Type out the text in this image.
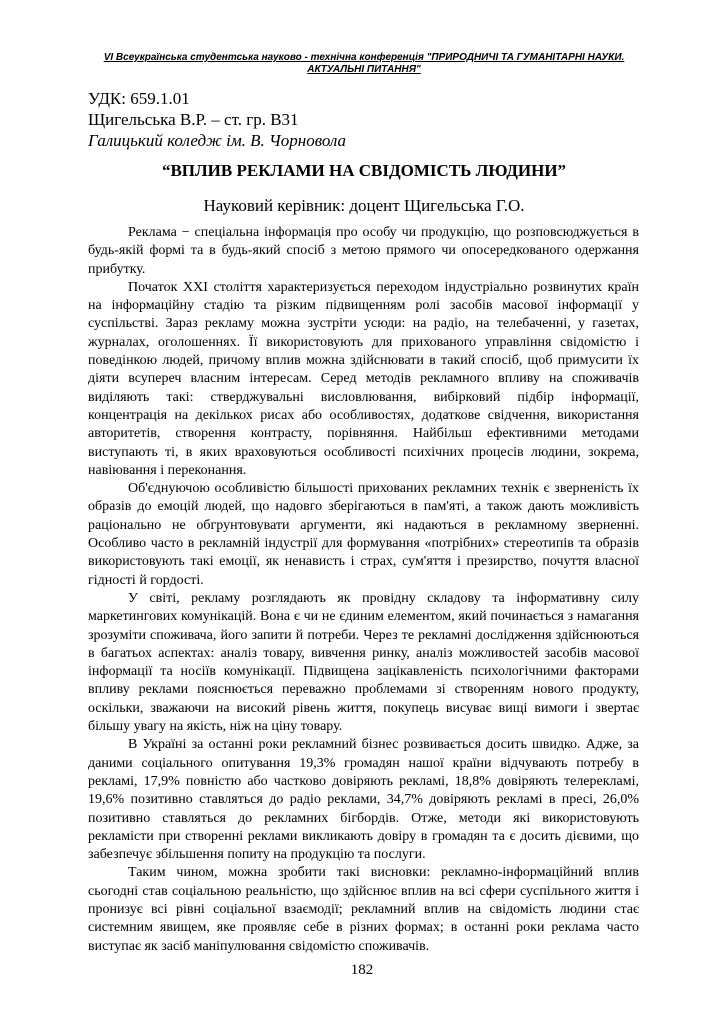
VI Всеукраїнська студентська науково - технічна конференція "ПРИРОДНИЧІ ТА ГУМАНІТАРНІ НАУКИ.
АКТУАЛЬНІ ПИТАННЯ"
УДК: 659.1.01
Щигельська В.Р. – ст. гр. В31
Галицький коледж ім. В. Чорновола
“ВПЛИВ РЕКЛАМИ НА СВІДОМІСТЬ ЛЮДИНИ”
Науковий керівник: доцент Щигельська Г.О.

Реклама − спеціальна інформація про особу чи продукцію, що розповсюджується в будь-якій формі та в будь-який спосіб з метою прямого чи опосередкованого одержання прибутку.

Початок XXI століття характеризується переходом індустріально розвинутих країн на інформаційну стадію та різким підвищенням ролі засобів масової інформації у суспільстві. Зараз рекламу можна зустріти усюди: на радіо, на телебаченні, у газетах, журналах, оголошеннях. Її використовують для прихованого управління свідомістю і поведінкою людей, причому вплив можна здійснювати в такий спосіб, щоб примусити їх діяти всупереч власним інтересам. Серед методів рекламного впливу на споживачів виділяють такі: стверджувальні висловлювання, вибірковий підбір інформації, концентрація на декількох рисах або особливостях, додаткове свідчення, використання авторитетів, створення контрасту, порівняння. Найбільш ефективними методами виступають ті, в яких враховуються особливості психічних процесів людини, зокрема, навіювання і переконання.

Об'єднуючою особливістю більшості прихованих рекламних технік є зверненість їх образів до емоцій людей, що надовго зберігаються в пам'яті, а також дають можливість раціонально не обгрунтовувати аргументи, які надаються в рекламному зверненні. Особливо часто в рекламній індустрії для формування «потрібних» стереотипів та образів використовують такі емоції, як ненависть і страх, сум'яття і презирство, почуття власної гідності й гордості.

У світі, рекламу розглядають як провідну складову та інформативну силу маркетингових комунікацій. Вона є чи не єдиним елементом, який починається з намагання зрозуміти споживача, його запити й потреби. Через те рекламні дослідження здійснюються в багатьох аспектах: аналіз товару, вивчення ринку, аналіз можливостей засобів масової інформації та носіїв комунікації. Підвищена зацікавленість психологічними факторами впливу реклами пояснюється переважно проблемами зі створенням нового продукту, оскільки, зважаючи на високий рівень життя, покупець висуває вищі вимоги і звертає більшу увагу на якість, ніж на ціну товару.

В Україні за останні роки рекламний бізнес розвивається досить швидко. Адже, за даними соціального опитування 19,3% громадян нашої країни відчувають потребу в рекламі, 17,9% повністю або частково довіряють рекламі, 18,8% довіряють телерекламі, 19,6% позитивно ставляться до радіо реклами, 34,7% довіряють рекламі в пресі, 26,0% позитивно ставляться до рекламних бігбордів. Отже, методи які використовують рекламісти при створенні реклами викликають довіру в громадян та є досить дієвими, що забезпечує збільшення попиту на продукцію та послуги.

Таким чином, можна зробити такі висновки: рекламно-інформаційний вплив сьогодні став соціальною реальністю, що здійснює вплив на всі сфери суспільного життя і пронизує всі рівні соціальної взаємодії; рекламний вплив на свідомість людини стає системним явищем, яке проявляє себе в різних формах; в останні роки реклама часто виступає як засіб маніпулювання свідомістю споживачів.

182
